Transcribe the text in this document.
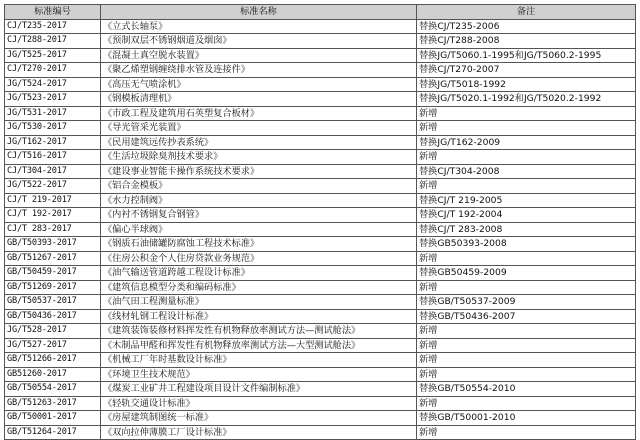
标准编号	标准名称	备注
CJ/T235-2017	《立式长轴泵》	替换CJ/T235-2006
CJ/T288-2017	《预制双层不锈钢烟道及烟囱》	替换CJ/T288-2008
JG/T525-2017	《混凝土真空脱水装置》	替换JG/T5060.1-1995和JG/T5060.2-1995
CJ/T270-2017	《聚乙烯塑钢缠绕排水管及连接件》	替换CJ/T270-2007
JG/T524-2017	《高压无气喷涂机》	替换JG/T5018-1992
JG/T523-2017	《钢模板清理机》	替换JG/T5020.1-1992和JG/T5020.2-1992
JG/T531-2017	《市政工程及建筑用石英塑复合板材》	新增
JG/T530-2017	《导光管采光装置》	新增
JG/T162-2017	《民用建筑远传抄表系统》	替换JG/T162-2009
CJ/T516-2017	《生活垃圾除臭剂技术要求》	新增
CJ/T304-2017	《建设事业智能卡操作系统技术要求》	替换CJ/T304-2008
JG/T522-2017	《铝合金模板》	新增
CJ/T 219-2017	《水力控制阀》	替换CJ/T 219-2005
CJ/T 192-2017	《内衬不锈钢复合钢管》	替换CJ/T 192-2004
CJ/T 283-2017	《偏心半球阀》	替换CJ/T 283-2008
GB/T50393-2017	《钢质石油储罐防腐蚀工程技术标准》	替换GB50393-2008
GB/T51267-2017	《住房公积金个人住房贷款业务规范》	新增
GB/T50459-2017	《油气输送管道跨越工程设计标准》	替换GB50459-2009
GB/T51269-2017	《建筑信息模型分类和编码标准》	新增
GB/T50537-2017	《油气田工程测量标准》	替换GB/T50537-2009
GB/T50436-2017	《线材轧钢工程设计标准》	替换GB/T50436-2007
JG/T528-2017	《建筑装饰装修材料挥发性有机物释放率测试方法—测试舱法》	新增
JG/T527-2017	《木制品甲醛和挥发性有机物释放率测试方法—大型测试舱法》	新增
GB/T51266-2017	《机械工厂年时基数设计标准》	新增
GB51260-2017	《环境卫生技术规范》	新增
GB/T50554-2017	《煤炭工业矿井工程建设项目设计文件编制标准》	替换GB/T50554-2010
GB/T51263-2017	《轻轨交通设计标准》	新增
GB/T50001-2017	《房屋建筑制图统一标准》	替换GB/T50001-2010
GB/T51264-2017	《双向拉伸薄膜工厂设计标准》	新增
